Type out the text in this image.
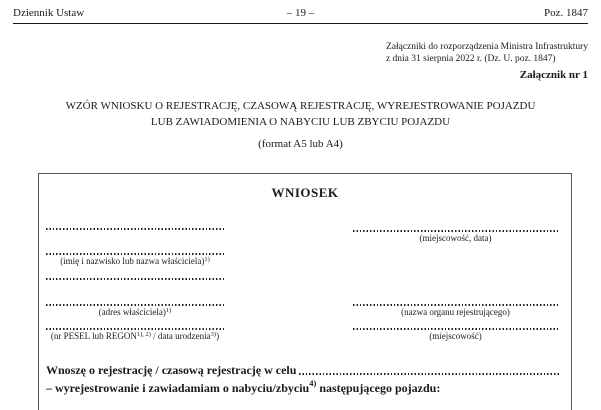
Dziennik Ustaw	– 19 –	Poz. 1847
Załączniki do rozporządzenia Ministra Infrastruktury
z dnia 31 sierpnia 2022 r. (Dz. U. poz. 1847)
Załącznik nr 1
WZÓR WNIOSKU O REJESTRACJĘ, CZASOWĄ REJESTRACJĘ, WYREJESTROWANIE POJAZDU
LUB ZAWIADOMIENIA O NABYCIU LUB ZBYCIU POJAZDU
(format A5 lub A4)
WNIOSEK
(imię i nazwisko lub nazwa właściciela)$^{1)}$
(adres właściciela)$^{1)}$
(nr PESEL lub $REGON^{1), 2)}$ / data urodzenia$^{3)}$)
(miejscowość, data)
(nazwa organu rejestrującego)
(miejscowość)
Wnoszę o rejestrację / czasową rejestrację w celu
– wyrejestrowanie i zawiadamiam o nabyciu/zbyciu$^{4)}$ następującego pojazdu:
